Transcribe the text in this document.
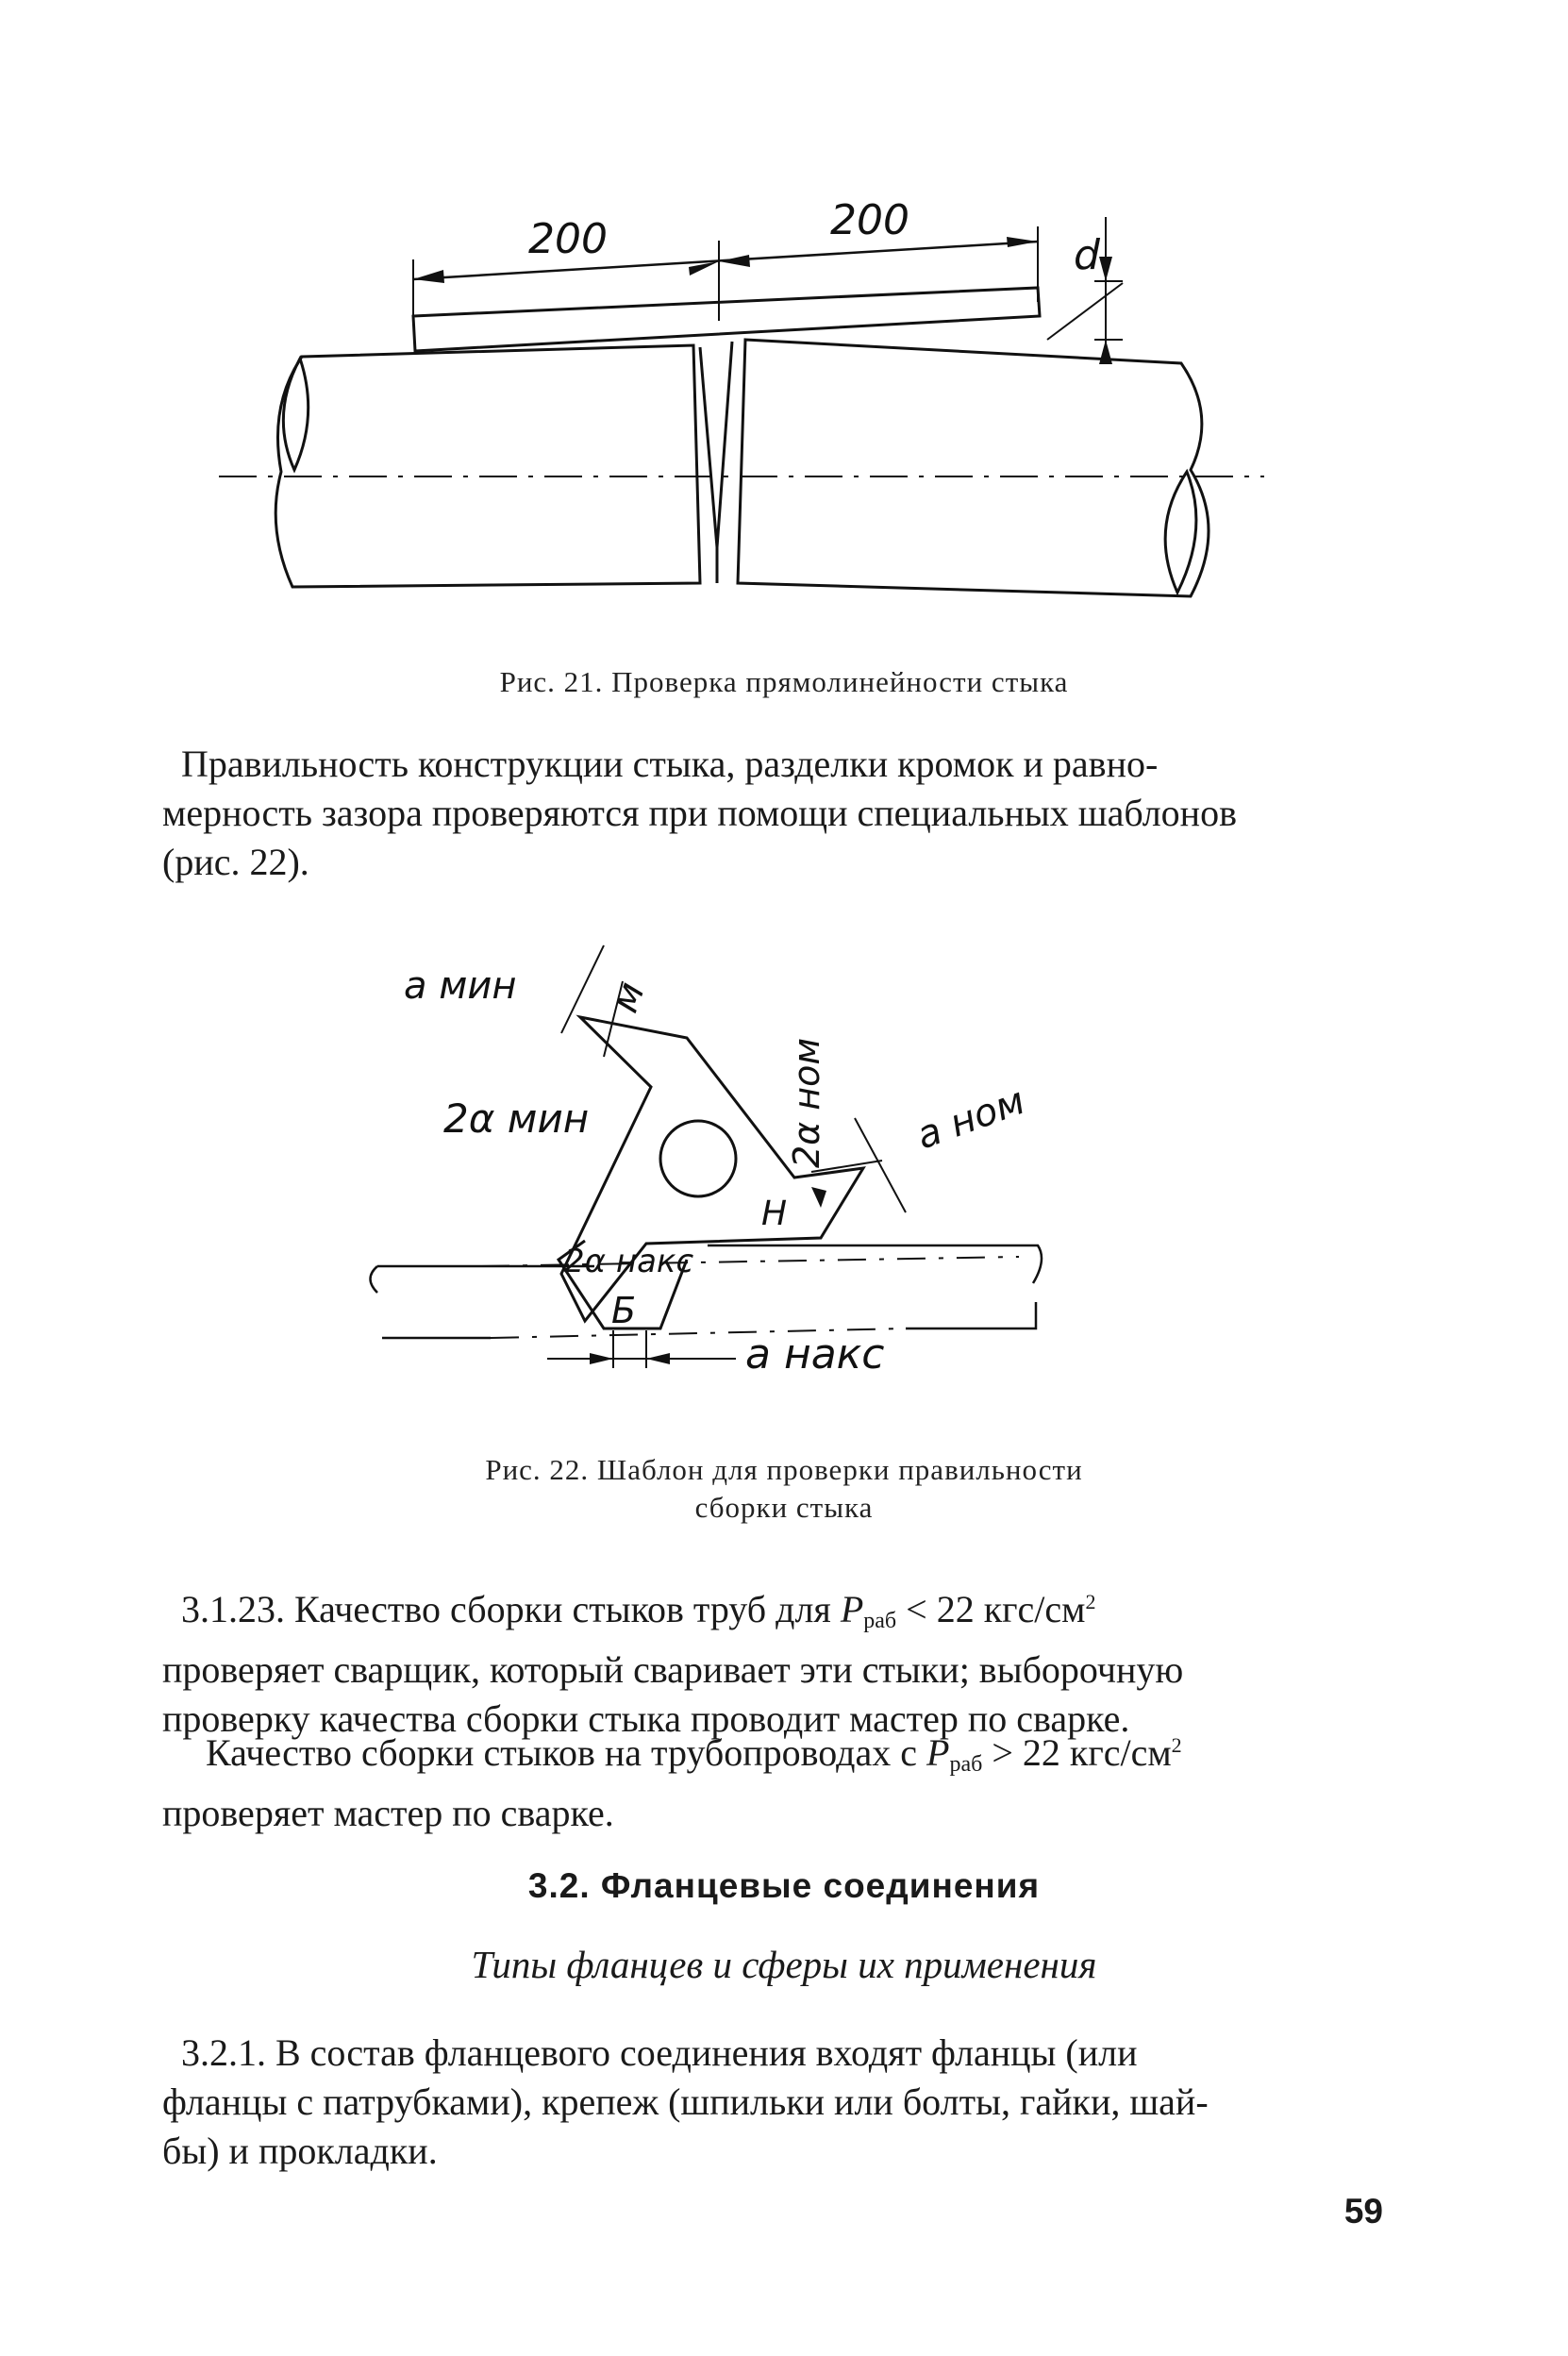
200	200
d
Рис. 21. Проверка прямолинейности стыка
Правильность конструкции стыка, разделки кромок и равно-
мерность зазора проверяются при помощи специальных шаблонов
(рис. 22).
a мин м
2α мин	2α ном a ном
Н
2α накс
Б
a накс
Рис. 22. Шаблон для проверки правильности
сборки стыка
3.1.23. Качество сборки стыков труб для $P_{раб} < 22$ кгс/$см^2$
проверяет сварщик, который сваривает эти стыки; выборочную
проверку качества сборки стыка проводит мастер по сварке.
Качество сборки стыков на трубопроводах с $P_{раб} > 22$ кгс/$см^2$
проверяет мастер по сварке.
3.2. Фланцевые соединения
Типы фланцев и сферы их применения
3.2.1. В состав фланцевого соединения входят фланцы (или
фланцы с патрубками), крепеж (шпильки или болты, гайки, шай-
бы) и прокладки.
59
